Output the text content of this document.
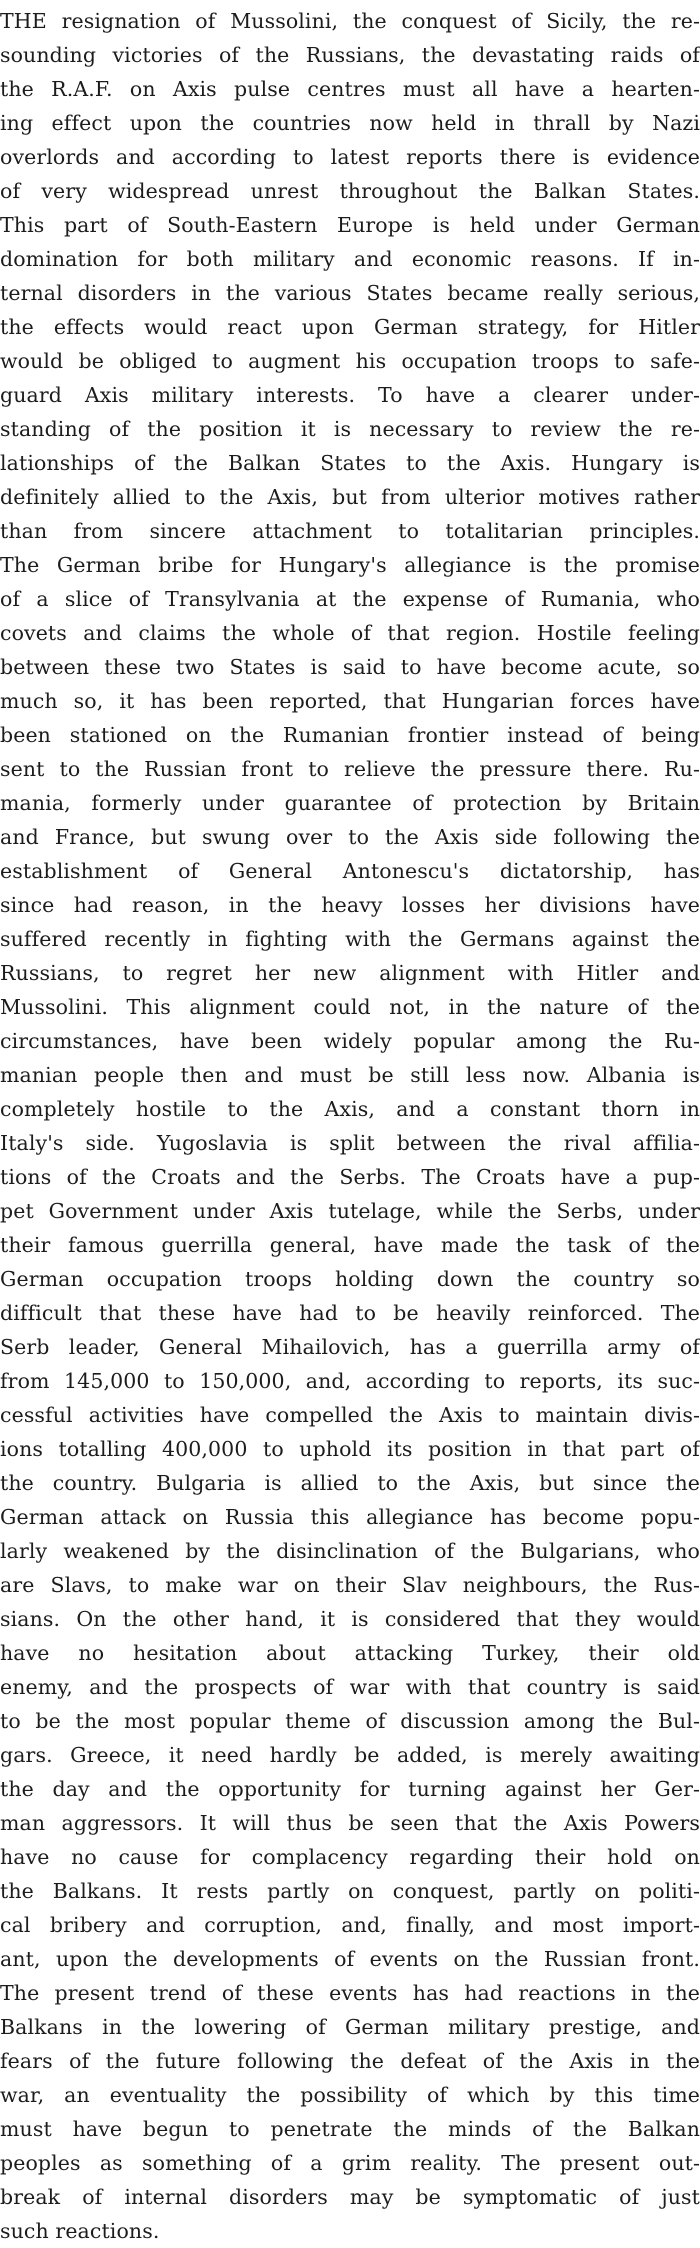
THE resignation of Mussolini, the conquest of Sicily, the re-
sounding victories of the Russians, the devastating raids of
the R.A.F. on Axis pulse centres must all have a hearten-
ing effect upon the countries now held in thrall by Nazi
overlords and according to latest reports there is evidence
of very widespread unrest throughout the Balkan States.
This part of South-Eastern Europe is held under German
domination for both military and economic reasons. If in-
ternal disorders in the various States became really serious,
the effects would react upon German strategy, for Hitler
would be obliged to augment his occupation troops to safe-
guard Axis military interests. To have a clearer under-
standing of the position it is necessary to review the re-
lationships of the Balkan States to the Axis. Hungary is
definitely allied to the Axis, but from ulterior motives rather
than from sincere attachment to totalitarian principles.
The German bribe for Hungary's allegiance is the promise
of a slice of Transylvania at the expense of Rumania, who
covets and claims the whole of that region. Hostile feeling
between these two States is said to have become acute, so
much so, it has been reported, that Hungarian forces have
been stationed on the Rumanian frontier instead of being
sent to the Russian front to relieve the pressure there. Ru-
mania, formerly under guarantee of protection by Britain
and France, but swung over to the Axis side following the
establishment of General Antonescu's dictatorship, has
since had reason, in the heavy losses her divisions have
suffered recently in fighting with the Germans against the
Russians, to regret her new alignment with Hitler and
Mussolini. This alignment could not, in the nature of the
circumstances, have been widely popular among the Ru-
manian people then and must be still less now. Albania is
completely hostile to the Axis, and a constant thorn in
Italy's side. Yugoslavia is split between the rival affilia-
tions of the Croats and the Serbs. The Croats have a pup-
pet Government under Axis tutelage, while the Serbs, under
their famous guerrilla general, have made the task of the
German occupation troops holding down the country so
difficult that these have had to be heavily reinforced. The
Serb leader, General Mihailovich, has a guerrilla army of
from 145,000 to 150,000, and, according to reports, its suc-
cessful activities have compelled the Axis to maintain divis-
ions totalling 400,000 to uphold its position in that part of
the country. Bulgaria is allied to the Axis, but since the
German attack on Russia this allegiance has become popu-
larly weakened by the disinclination of the Bulgarians, who
are Slavs, to make war on their Slav neighbours, the Rus-
sians. On the other hand, it is considered that they would
have no hesitation about attacking Turkey, their old
enemy, and the prospects of war with that country is said
to be the most popular theme of discussion among the Bul-
gars. Greece, it need hardly be added, is merely awaiting
the day and the opportunity for turning against her Ger-
man aggressors. It will thus be seen that the Axis Powers
have no cause for complacency regarding their hold on
the Balkans. It rests partly on conquest, partly on politi-
cal bribery and corruption, and, finally, and most import-
ant, upon the developments of events on the Russian front.
The present trend of these events has had reactions in the
Balkans in the lowering of German military prestige, and
fears of the future following the defeat of the Axis in the
war, an eventuality the possibility of which by this time
must have begun to penetrate the minds of the Balkan
peoples as something of a grim reality. The present out-
break of internal disorders may be symptomatic of just
such reactions.
